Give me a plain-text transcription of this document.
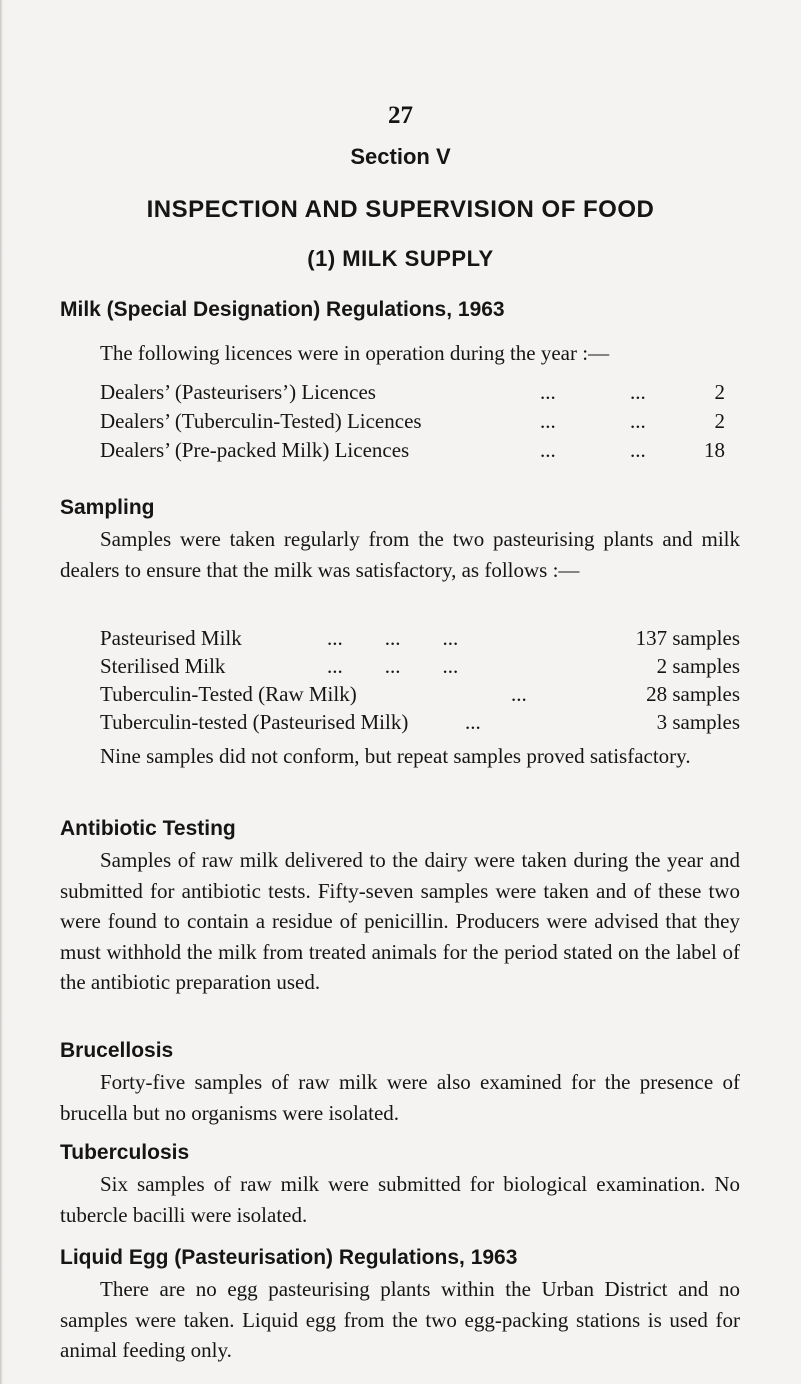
27
Section V
INSPECTION AND SUPERVISION OF FOOD
(1) MILK SUPPLY
Milk (Special Designation) Regulations, 1963
The following licences were in operation during the year :—
Dealers’ (Pasteurisers’) Licences	...	...	2
Dealers’ (Tuberculin-Tested) Licences	...	...	2
Dealers’ (Pre-packed Milk) Licences	...	...	18
Sampling

Samples were taken regularly from the two pasteurising plants and milk dealers to ensure that the milk was satisfactory, as follows :—

Pasteurised Milk	...        ...        ...	137 samples
Sterilised Milk	...        ...        ...	2 samples
Tuberculin-Tested (Raw Milk)	...	28 samples
Tuberculin-tested (Pasteurised Milk)	...	3 samples

Nine samples did not conform, but repeat samples proved satisfactory.

Antibiotic Testing

Samples of raw milk delivered to the dairy were taken during the year and submitted for antibiotic tests. Fifty-seven samples were taken and of these two were found to contain a residue of penicillin. Producers were advised that they must withhold the milk from treated animals for the period stated on the label of the antibiotic preparation used.

Brucellosis

Forty-five samples of raw milk were also examined for the presence of brucella but no organisms were isolated.

Tuberculosis

Six samples of raw milk were submitted for biological examination. No tubercle bacilli were isolated.

Liquid Egg (Pasteurisation) Regulations, 1963

There are no egg pasteurising plants within the Urban District and no samples were taken. Liquid egg from the two egg-packing stations is used for animal feeding only.
